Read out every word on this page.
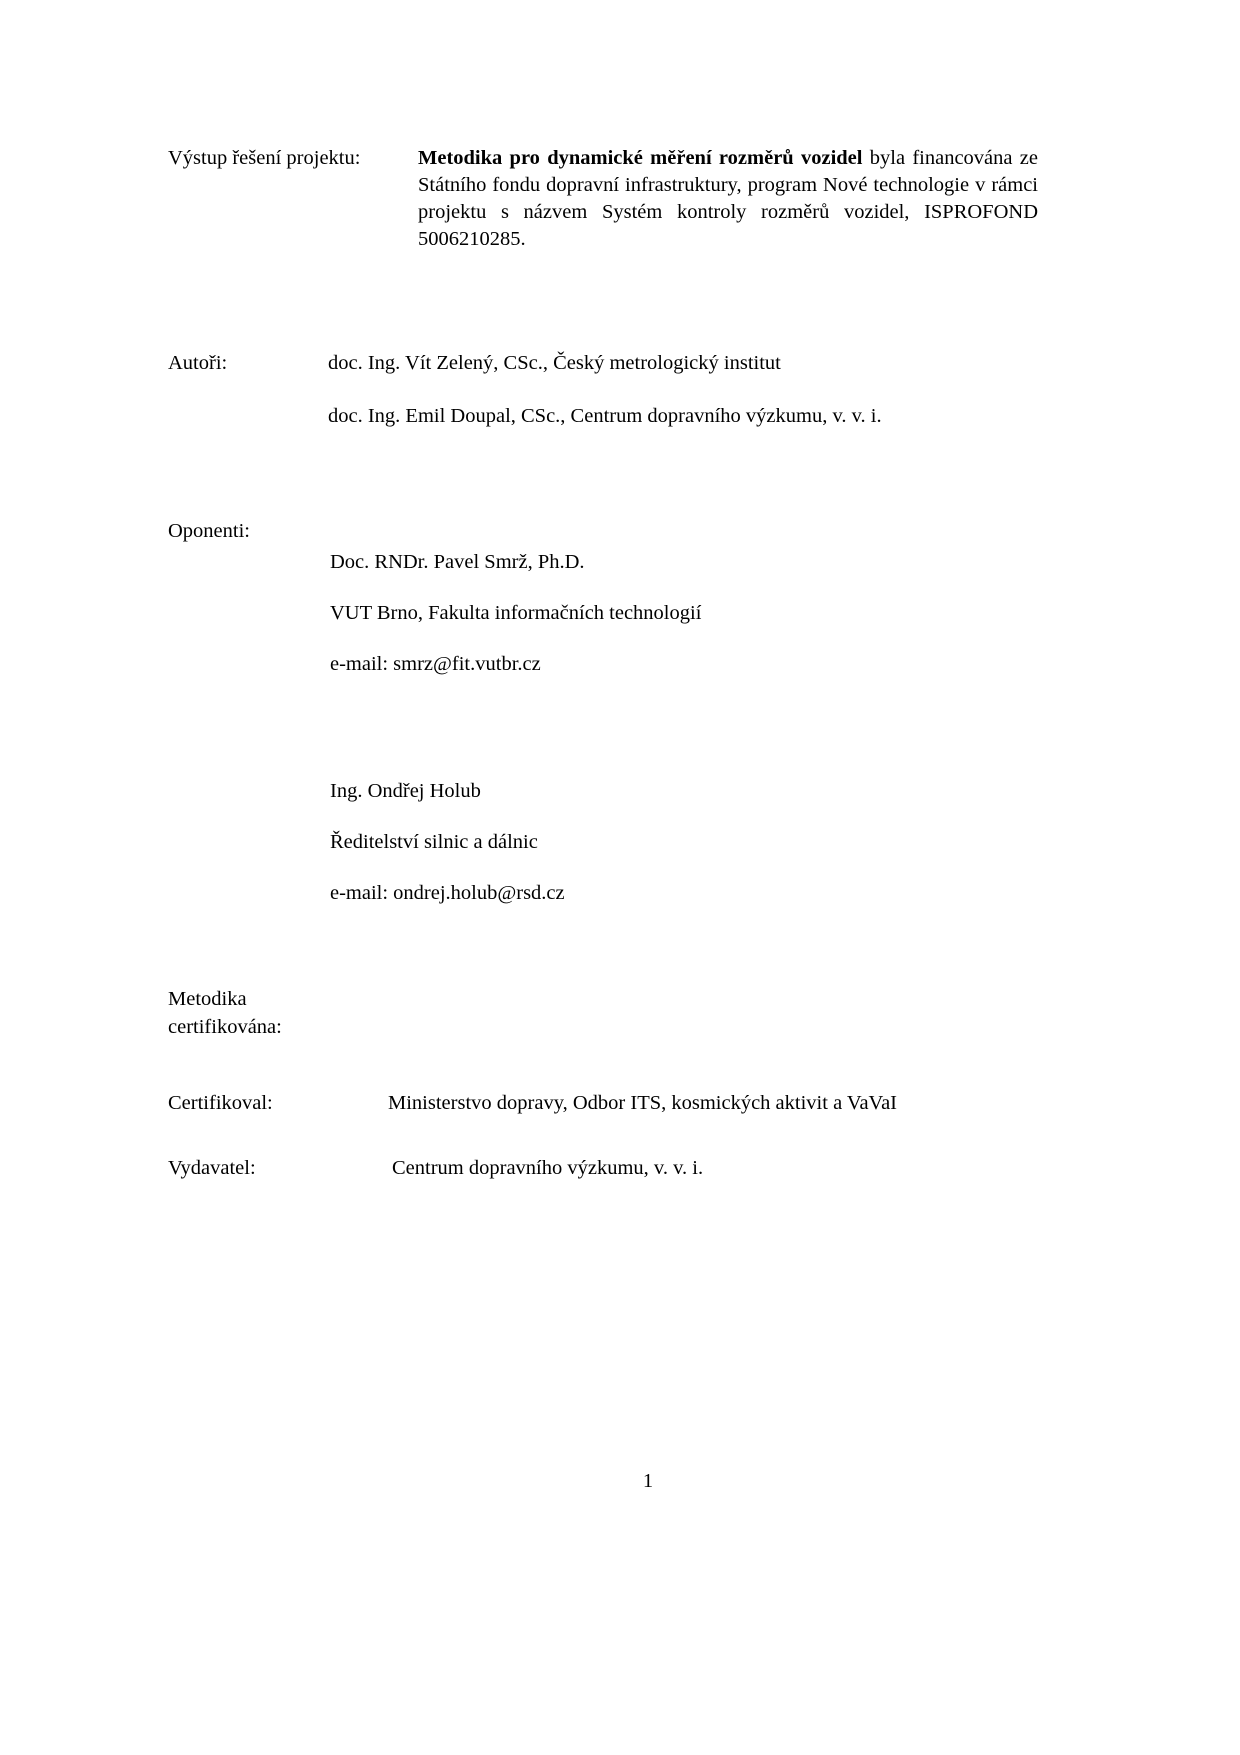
Výstup řešení projektu:	Metodika pro dynamické měření rozměrů vozidel byla financována ze Státního fondu dopravní infrastruktury, program Nové technologie v rámci projektu s názvem Systém kontroly rozměrů vozidel, ISPROFOND 5006210285.
Autoři:	doc. Ing. Vít Zelený, CSc., Český metrologický institut
doc. Ing. Emil Doupal, CSc., Centrum dopravního výzkumu, v. v. i.
Oponenti:
Doc. RNDr. Pavel Smrž, Ph.D.
VUT Brno, Fakulta informačních technologií
e-mail: smrz@fit.vutbr.cz
Ing. Ondřej Holub
Ředitelství silnic a dálnic
e-mail: ondrej.holub@rsd.cz
Metodika
certifikována:
Certifikoval:	Ministerstvo dopravy, Odbor ITS, kosmických aktivit a VaVaI
Vydavatel:	Centrum dopravního výzkumu, v. v. i.
1
